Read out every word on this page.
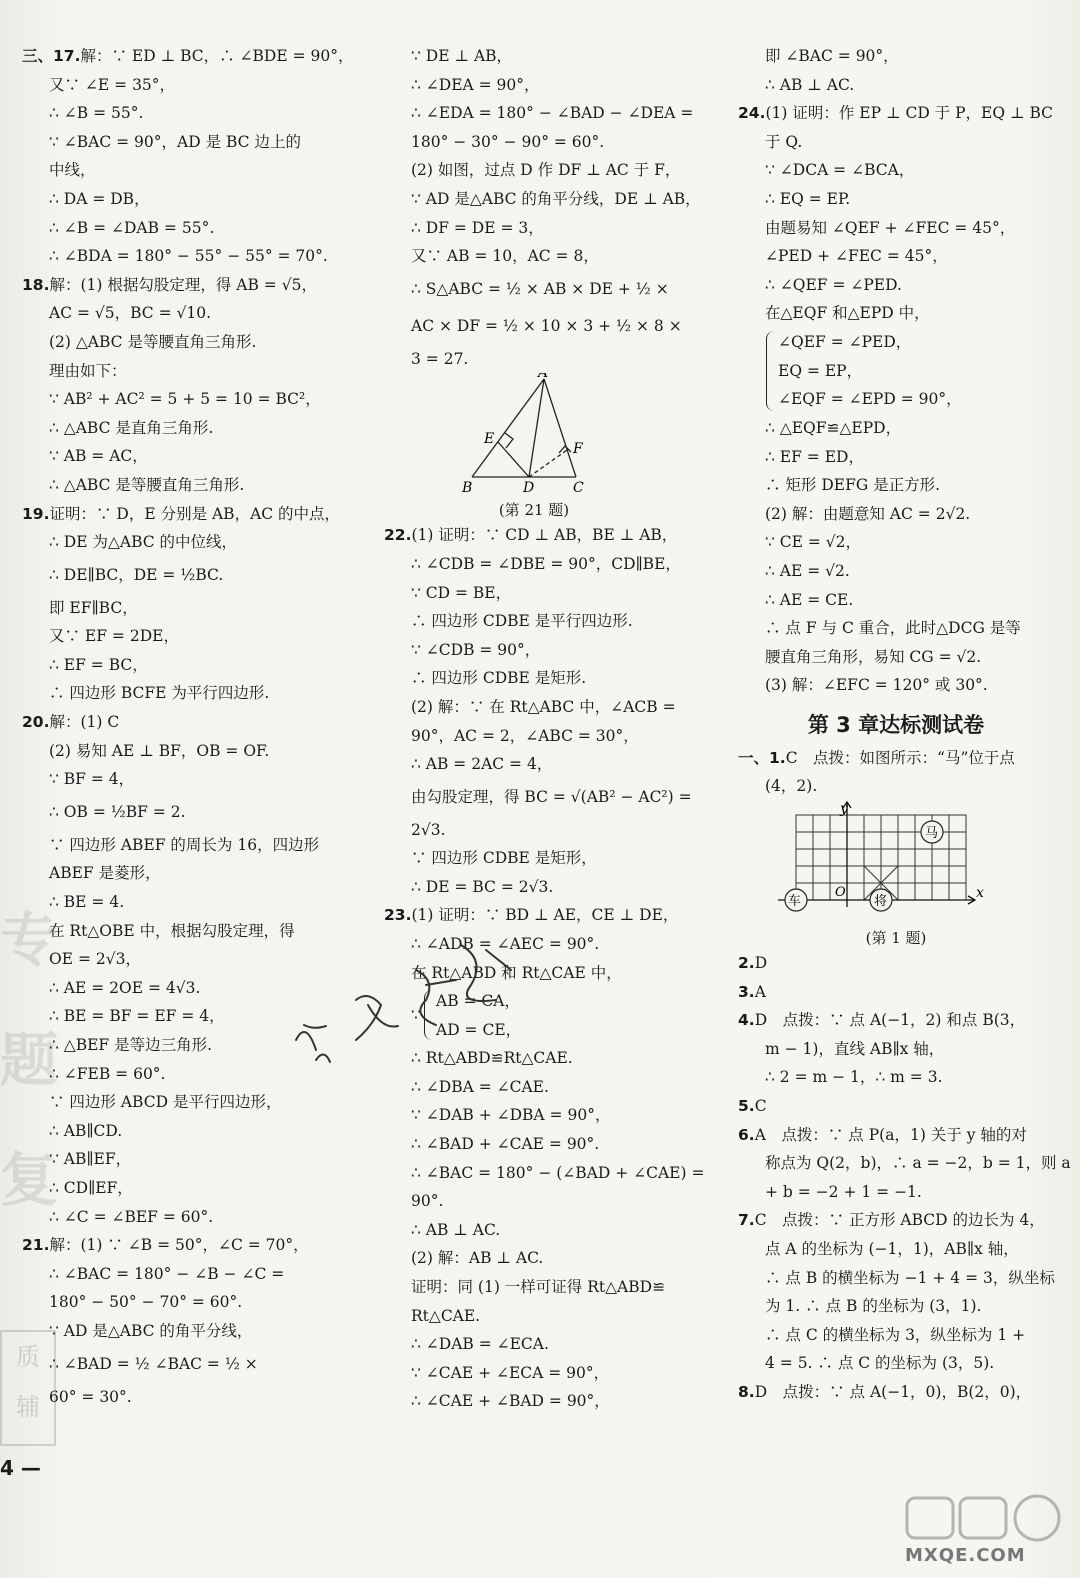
专
题
复
质
辅
三、17.解：∵ ED ⊥ BC，∴ ∠BDE = 90°，
又∵ ∠E = 35°，
∴ ∠B = 55°.
∵ ∠BAC = 90°，AD 是 BC 边上的
中线，
∴ DA = DB，
∴ ∠B = ∠DAB = 55°.
∴ ∠BDA = 180° − 55° − 55° = 70°.
18.解：(1) 根据勾股定理，得 AB = √5，
AC = √5，BC = √10.
(2) △ABC 是等腰直角三角形.
理由如下：
∵ AB² + AC² = 5 + 5 = 10 = BC²，
∴ △ABC 是直角三角形.
∵ AB = AC，
∴ △ABC 是等腰直角三角形.
19.证明：∵ D，E 分别是 AB，AC 的中点，
∴ DE 为△ABC 的中位线，
∴ DE∥BC，DE = ½BC.
即 EF∥BC，
又∵ EF = 2DE，
∴ EF = BC，
∴ 四边形 BCFE 为平行四边形.
20.解：(1) C
(2) 易知 AE ⊥ BF，OB = OF.
∵ BF = 4，
∴ OB = ½BF = 2.
∵ 四边形 ABEF 的周长为 16，四边形
ABEF 是菱形，
∴ BE = 4.
在 Rt△OBE 中，根据勾股定理，得
OE = 2√3，
∴ AE = 2OE = 4√3.
∴ BE = BF = EF = 4，
∴ △BEF 是等边三角形.
∴ ∠FEB = 60°.
∵ 四边形 ABCD 是平行四边形，
∴ AB∥CD.
∵ AB∥EF，
∴ CD∥EF，
∴ ∠C = ∠BEF = 60°.
21.解：(1) ∵ ∠B = 50°，∠C = 70°，
∴ ∠BAC = 180° − ∠B − ∠C =
180° − 50° − 70° = 60°.
∵ AD 是△ABC 的角平分线，
∴ ∠BAD = ½ ∠BAC = ½ ×
60° = 30°.
∵ DE ⊥ AB，
∴ ∠DEA = 90°，
∴ ∠EDA = 180° − ∠BAD − ∠DEA =
180° − 30° − 90° = 60°.
(2) 如图，过点 D 作 DF ⊥ AC 于 F，
∵ AD 是△ABC 的角平分线，DE ⊥ AB，
∴ DF = DE = 3，
又∵ AB = 10，AC = 8，
∴ S△ABC = ½ × AB × DE + ½ ×
AC × DF = ½ × 10 × 3 + ½ × 8 ×
3 = 27.
A
E
F
B	D	C
(第 21 题)
22.(1) 证明：∵ CD ⊥ AB，BE ⊥ AB，
∴ ∠CDB = ∠DBE = 90°，CD∥BE，
∵ CD = BE，
∴ 四边形 CDBE 是平行四边形.
∵ ∠CDB = 90°，
∴ 四边形 CDBE 是矩形.
(2) 解：∵ 在 Rt△ABC 中，∠ACB =
90°，AC = 2，∠ABC = 30°，
∴ AB = 2AC = 4，
由勾股定理，得 BC = √(AB² − AC²) =
2√3.
∵ 四边形 CDBE 是矩形，
∴ DE = BC = 2√3.
23.(1) 证明：∵ BD ⊥ AE，CE ⊥ DE，
∴ ∠ADB = ∠AEC = 90°.
在 Rt△ABD 和 Rt△CAE 中，
∵
AB = CA，
AD = CE，
∴ Rt△ABD≌Rt△CAE.
∴ ∠DBA = ∠CAE.
∵ ∠DAB + ∠DBA = 90°，
∴ ∠BAD + ∠CAE = 90°.
∴ ∠BAC = 180° − (∠BAD + ∠CAE) =
90°.
∴ AB ⊥ AC.
(2) 解：AB ⊥ AC.
证明：同 (1) 一样可证得 Rt△ABD≌
Rt△CAE.
∴ ∠DAB = ∠ECA.
∵ ∠CAE + ∠ECA = 90°，
∴ ∠CAE + ∠BAD = 90°，
即 ∠BAC = 90°，
∴ AB ⊥ AC.
24.(1) 证明：作 EP ⊥ CD 于 P，EQ ⊥ BC
于 Q.
∵ ∠DCA = ∠BCA，
∴ EQ = EP.
由题易知 ∠QEF + ∠FEC = 45°，
∠PED + ∠FEC = 45°，
∴ ∠QEF = ∠PED.
在△EQF 和△EPD 中，
∠QEF = ∠PED，
EQ = EP，
∠EQF = ∠EPD = 90°，
∴ △EQF≌△EPD，
∴ EF = ED，
∴ 矩形 DEFG 是正方形.
(2) 解：由题意知 AC = 2√2.
∵ CE = √2，
∴ AE = √2.
∴ AE = CE.
∴ 点 F 与 C 重合，此时△DCG 是等
腰直角三角形，易知 CG = √2.
(3) 解：∠EFC = 120° 或 30°.
第 3 章达标测试卷
一、1.C　点拨：如图所示：“马”位于点
(4，2).
y
x
O
车	将
马
(第 1 题)
2.D
3.A
4.D　点拨：∵ 点 A(−1，2) 和点 B(3，
m − 1)，直线 AB∥x 轴，
∴ 2 = m − 1，∴ m = 3.
5.C
6.A　点拨：∵ 点 P(a，1) 关于 y 轴的对
称点为 Q(2，b)，∴ a = −2，b = 1，则 a
+ b = −2 + 1 = −1.
7.C　点拨：∵ 正方形 ABCD 的边长为 4，
点 A 的坐标为 (−1，1)，AB∥x 轴，
∴ 点 B 的横坐标为 −1 + 4 = 3，纵坐标
为 1. ∴ 点 B 的坐标为 (3，1).
∴ 点 C 的横坐标为 3，纵坐标为 1 +
4 = 5. ∴ 点 C 的坐标为 (3，5).
8.D　点拨：∵ 点 A(−1，0)，B(2，0)，
4 —
MXQE.COM
